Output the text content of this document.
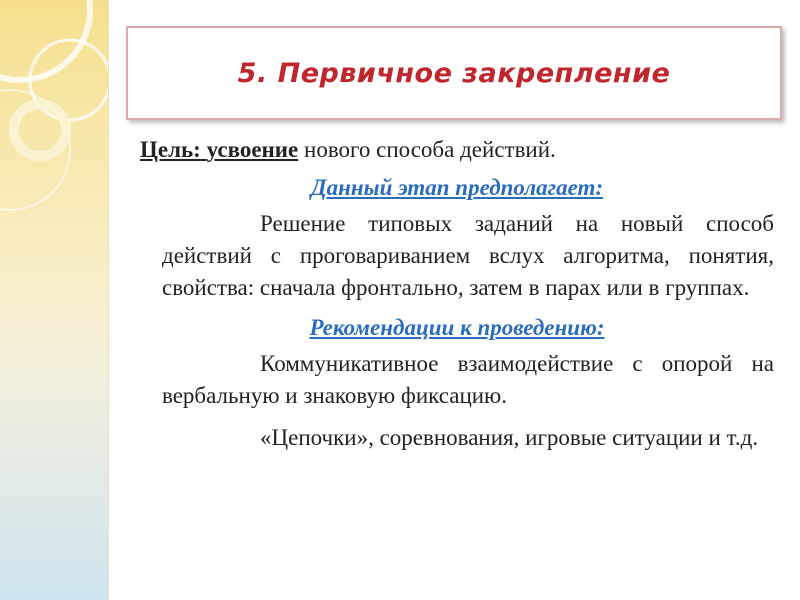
5. Первичное закрепление

Цель: усвоение нового способа действий.

Данный этап предполагает:

Решение типовых заданий на новый способ действий с проговариванием вслух алгоритма, понятия, свойства: сначала фронтально, затем в парах или в группах.

Рекомендации к проведению:

Коммуникативное взаимодействие с опорой на вербальную и знаковую фиксацию.

«Цепочки», соревнования, игровые ситуации и т.д.
